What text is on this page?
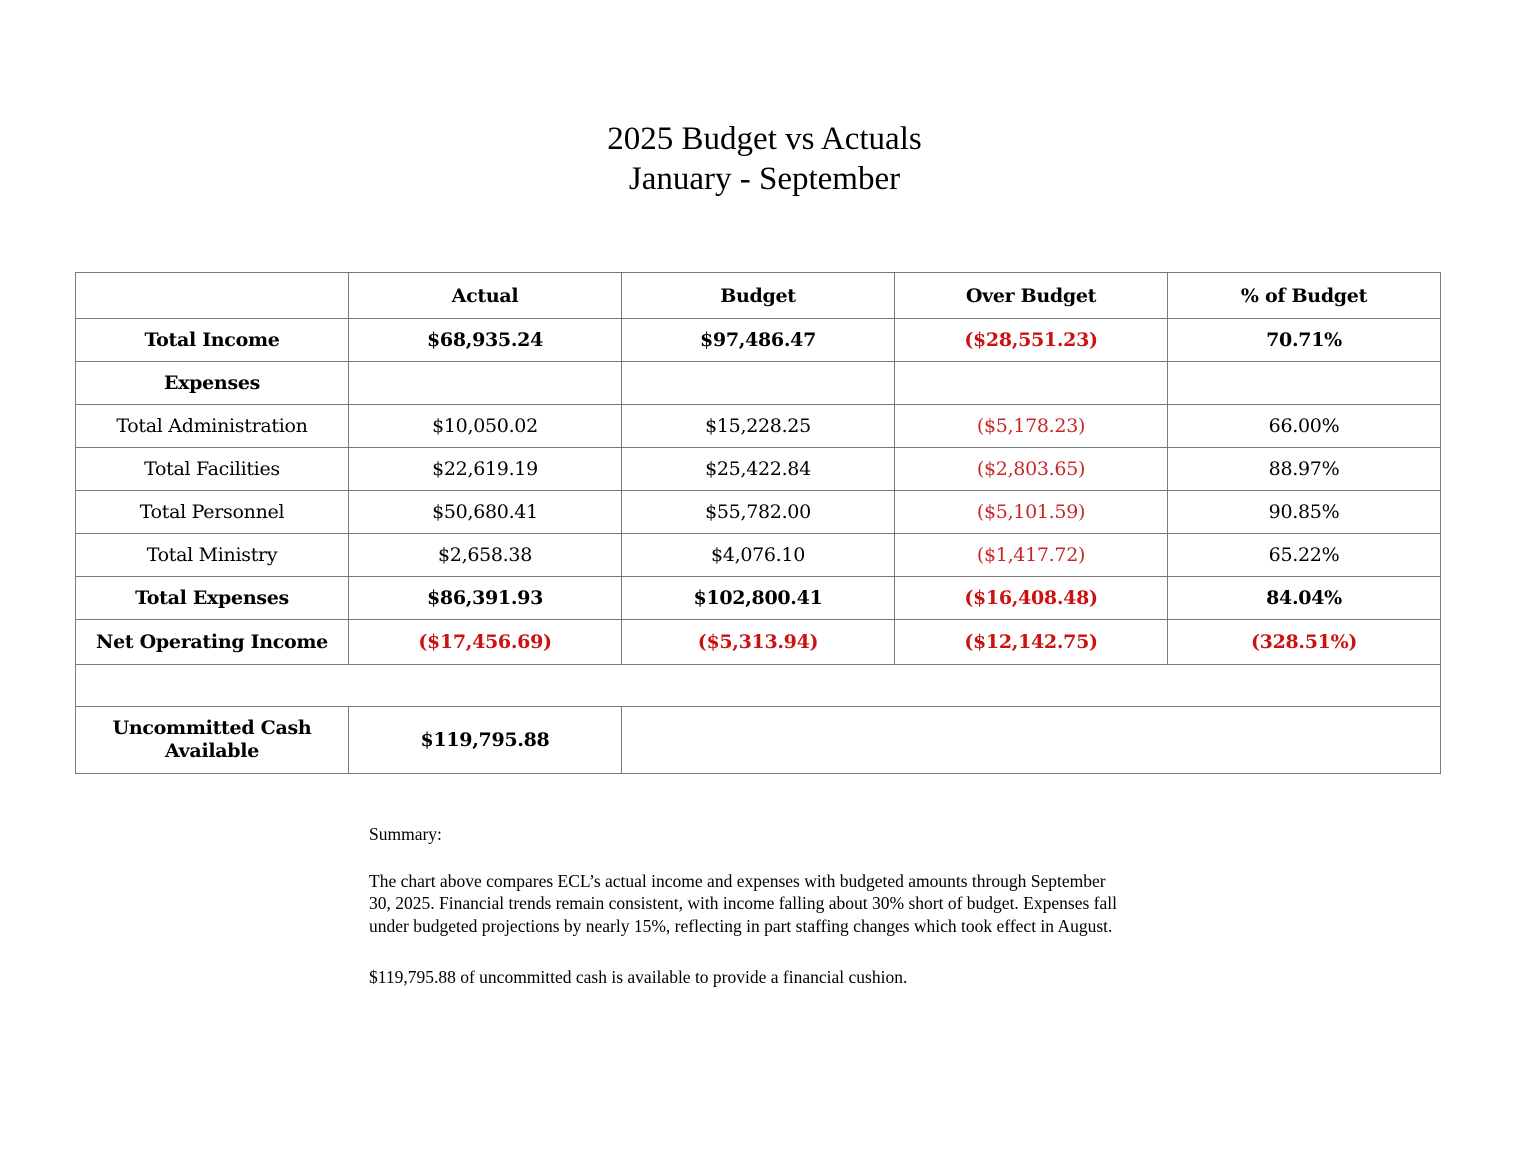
2025 Budget vs Actuals
January - September
	Actual	Budget	Over Budget	% of Budget
Total Income	$68,935.24	$97,486.47	($28,551.23)	70.71%
Expenses				
Total Administration	$10,050.02	$15,228.25	($5,178.23)	66.00%
Total Facilities	$22,619.19	$25,422.84	($2,803.65)	88.97%
Total Personnel	$50,680.41	$55,782.00	($5,101.59)	90.85%
Total Ministry	$2,658.38	$4,076.10	($1,417.72)	65.22%
Total Expenses	$86,391.93	$102,800.41	($16,408.48)	84.04%
Net Operating Income	($17,456.69)	($5,313.94)	($12,142.75)	(328.51%)

Uncommitted Cash
Available	$119,795.88			

Summary:

The chart above compares ECL’s actual income and expenses with budgeted amounts through September 30, 2025. Financial trends remain consistent, with income falling about 30% short of budget. Expenses fall under budgeted projections by nearly 15%, reflecting in part staffing changes which took effect in August.

$119,795.88 of uncommitted cash is available to provide a financial cushion.
